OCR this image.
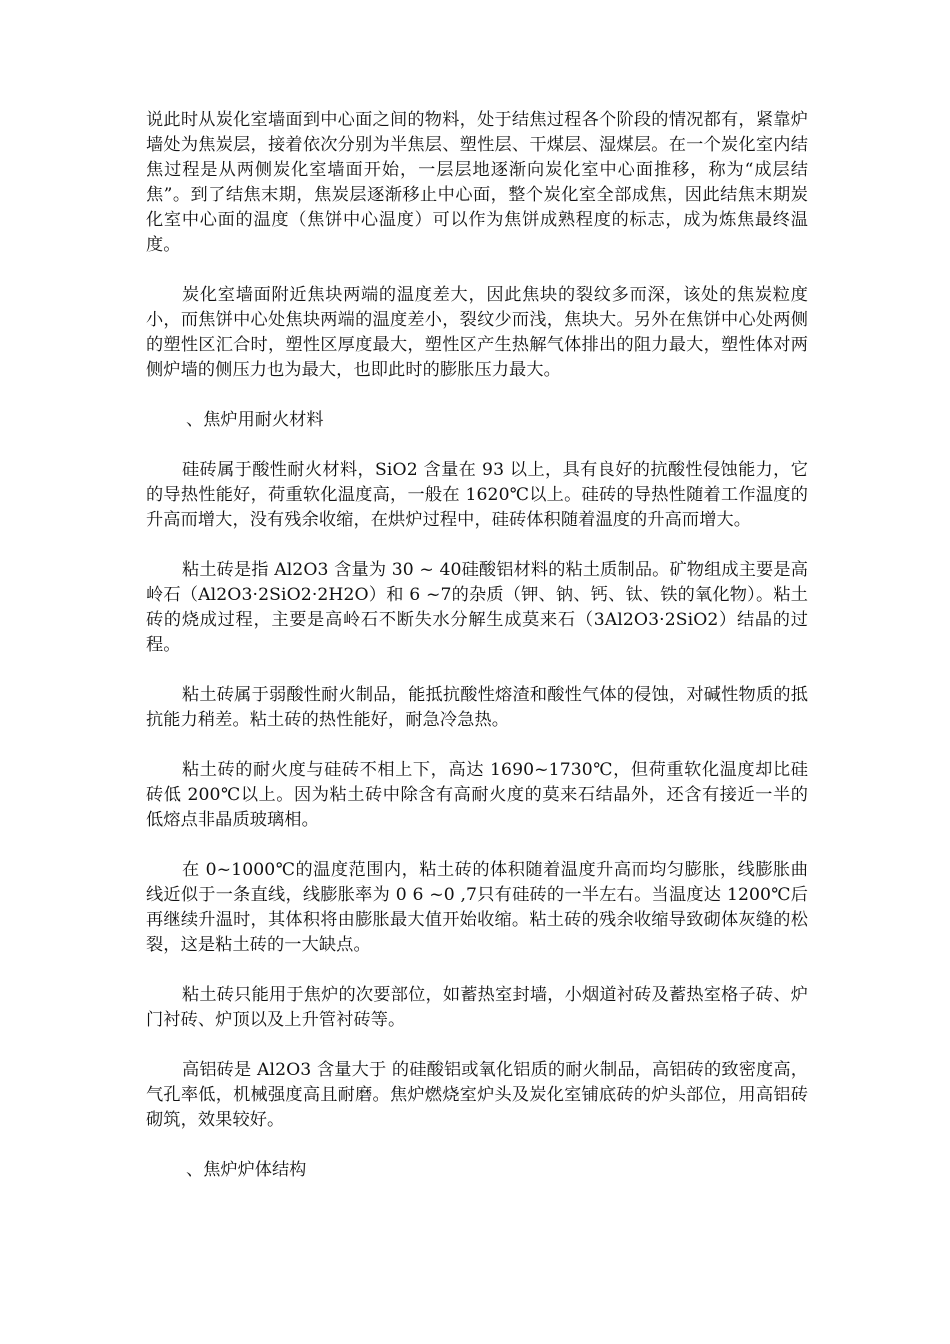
说此时从炭化室墙面到中心面之间的物料，处于结焦过程各个阶段的情况都有，紧靠炉墙处为焦炭层，接着依次分别为半焦层、塑性层、干煤层、湿煤层。在一个炭化室内结焦过程是从两侧炭化室墙面开始，一层层地逐渐向炭化室中心面推移，称为“成层结焦”。到了结焦末期，焦炭层逐渐移止中心面，整个炭化室全部成焦，因此结焦末期炭化室中心面的温度（焦饼中心温度）可以作为焦饼成熟程度的标志，成为炼焦最终温度。

炭化室墙面附近焦块两端的温度差大，因此焦块的裂纹多而深，该处的焦炭粒度小，而焦饼中心处焦块两端的温度差小，裂纹少而浅，焦块大。另外在焦饼中心处两侧的塑性区汇合时，塑性区厚度最大，塑性区产生热解气体排出的阻力最大，塑性体对两侧炉墙的侧压力也为最大，也即此时的膨胀压力最大。

、焦炉用耐火材料

硅砖属于酸性耐火材料，SiO2 含量在 93 以上，具有良好的抗酸性侵蚀能力，它的导热性能好，荷重软化温度高，一般在 1620℃以上。硅砖的导热性随着工作温度的升高而增大，没有残余收缩，在烘炉过程中，硅砖体积随着温度的升高而增大。

粘土砖是指 Al2O3 含量为 30 ~ 40硅酸铝材料的粘土质制品。矿物组成主要是高岭石（Al2O3·2SiO2·2H2O）和 6 ~7的杂质（钾、钠、钙、钛、铁的氧化物）。粘土砖的烧成过程，主要是高岭石不断失水分解生成莫来石（3Al2O3·2SiO2）结晶的过程。

粘土砖属于弱酸性耐火制品，能抵抗酸性熔渣和酸性气体的侵蚀，对碱性物质的抵抗能力稍差。粘土砖的热性能好，耐急冷急热。

粘土砖的耐火度与硅砖不相上下，高达 1690~1730℃，但荷重软化温度却比硅砖低 200℃以上。因为粘土砖中除含有高耐火度的莫来石结晶外，还含有接近一半的低熔点非晶质玻璃相。

在 0~1000℃的温度范围内，粘土砖的体积随着温度升高而均匀膨胀，线膨胀曲线近似于一条直线，线膨胀率为 0 6 ~0 ,7只有硅砖的一半左右。当温度达 1200℃后再继续升温时，其体积将由膨胀最大值开始收缩。粘土砖的残余收缩导致砌体灰缝的松裂，这是粘土砖的一大缺点。

粘土砖只能用于焦炉的次要部位，如蓄热室封墙，小烟道衬砖及蓄热室格子砖、炉门衬砖、炉顶以及上升管衬砖等。

高铝砖是 Al2O3 含量大于 的硅酸铝或氧化铝质的耐火制品，高铝砖的致密度高，气孔率低，机械强度高且耐磨。焦炉燃烧室炉头及炭化室铺底砖的炉头部位，用高铝砖砌筑，效果较好。

、焦炉炉体结构
